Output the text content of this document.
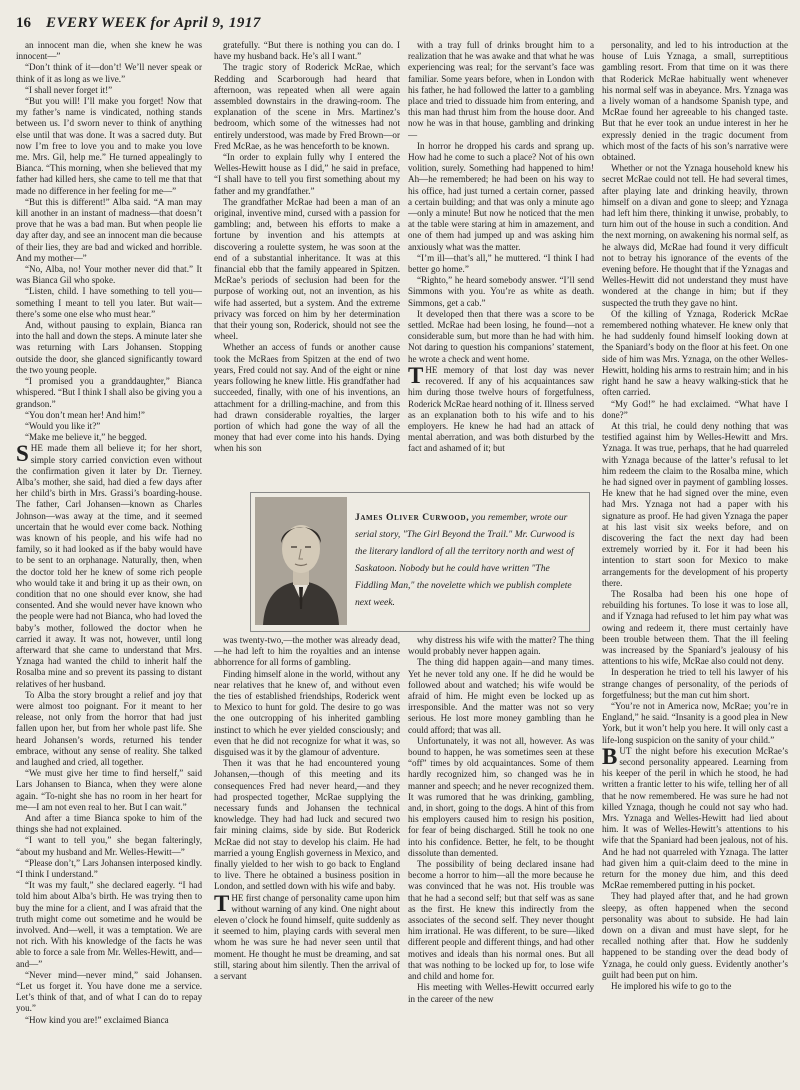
16	EVERY WEEK for April 9, 1917

an innocent man die, when she knew he was innocent—”

“Don’t think of it—don’t! We’ll never speak or think of it as long as we live.”

“I shall never forget it!”

“But you will! I’ll make you forget! Now that my father’s name is vindicated, nothing stands between us. I’d sworn never to think of anything else until that was done. It was a sacred duty. But now I’m free to love you and to make you love me. Mrs. Gil, help me.” He turned appealingly to Bianca. “This morning, when she believed that my father had killed hers, she came to tell me that that made no difference in her feeling for me—”

“But this is different!” Alba said. “A man may kill another in an instant of madness—that doesn’t prove that he was a bad man. But when people lie day after day, and see an innocent man die because of their lies, they are bad and wicked and horrible. And my mother—”

“No, Alba, no! Your mother never did that.” It was Bianca Gil who spoke.

“Listen, child. I have something to tell you—something I meant to tell you later. But wait—there’s some one else who must hear.”

And, without pausing to explain, Bianca ran into the hall and down the steps. A minute later she was returning with Lars Johansen. Stopping outside the door, she glanced significantly toward the two young people.

“I promised you a granddaughter,” Bianca whispered. “But I think I shall also be giving you a grandson.”

“You don’t mean her! And him!”

“Would you like it?”

“Make me believe it,” he begged.

SHE made them all believe it; for her short, simple story carried conviction even without the confirmation given it later by Dr. Tierney. Alba’s mother, she said, had died a few days after her child’s birth in Mrs. Grassi’s boarding-house. The father, Carl Johansen—known as Charles Johnson—was away at the time, and it seemed uncertain that he would ever come back. Nothing was known of his people, and his wife had no family, so it had looked as if the baby would have to be sent to an orphanage. Naturally, then, when the doctor told her he knew of some rich people who would take it and bring it up as their own, on condition that no one should ever know, she had consented. And she would never have known who the people were had not Bianca, who had loved the baby’s mother, followed the doctor when he carried it away. It was not, however, until long afterward that she came to understand that Mrs. Yznaga had wanted the child to inherit half the Rosalba mine and so prevent its passing to distant relatives of her husband.

To Alba the story brought a relief and joy that were almost too poignant. For it meant to her release, not only from the horror that had just fallen upon her, but from her whole past life. She heard Johansen’s words, returned his tender embrace, without any sense of reality. She talked and laughed and cried, all together.

“We must give her time to find herself,” said Lars Johansen to Bianca, when they were alone again. “To-night she has no room in her heart for me—I am not even real to her. But I can wait.”

And after a time Bianca spoke to him of the things she had not explained.

“I want to tell you,” she began falteringly, “about my husband and Mr. Welles-Hewitt—”

“Please don’t,” Lars Johansen interposed kindly. “I think I understand.”

“It was my fault,” she declared eagerly. “I had told him about Alba’s birth. He was trying then to buy the mine for a client, and I was afraid that the truth might come out sometime and he would be involved. And—well, it was a temptation. We are not rich. With his knowledge of the facts he was able to force a sale from Mr. Welles-Hewitt, and—and—”

“Never mind—never mind,” said Johansen. “Let us forget it. You have done me a service. Let’s think of that, and of what I can do to repay you.”

“How kind you are!” exclaimed Bianca

gratefully. “But there is nothing you can do. I have my husband back. He’s all I want.”

The tragic story of Roderick McRae, which Redding and Scarborough had heard that afternoon, was repeated when all were again assembled downstairs in the drawing-room. The explanation of the scene in Mrs. Martinez’s bedroom, which some of the witnesses had not entirely understood, was made by Fred Brown—or Fred McRae, as he was henceforth to be known.

“In order to explain fully why I entered the Welles-Hewitt house as I did,” he said in preface, “I shall have to tell you first something about my father and my grandfather.”

The grandfather McRae had been a man of an original, inventive mind, cursed with a passion for gambling; and, between his efforts to make a fortune by invention and his attempts at discovering a roulette system, he was soon at the end of a substantial inheritance. It was at this financial ebb that the family appeared in Spitzen. McRae’s periods of seclusion had been for the purpose of working out, not an invention, as his wife had asserted, but a system. And the extreme privacy was forced on him by her determination that their young son, Roderick, should not see the wheel.

Whether an access of funds or another cause took the McRaes from Spitzen at the end of two years, Fred could not say. And of the eight or nine years following he knew little. His grandfather had succeeded, finally, with one of his inventions, an attachment for a drilling-machine, and from this had drawn considerable royalties, the larger portion of which had gone the way of all the money that had ever come into his hands. Dying when his son

with a tray full of drinks brought him to a realization that he was awake and that what he was experiencing was real; for the servant’s face was familiar. Some years before, when in London with his father, he had followed the latter to a gambling place and tried to dissuade him from entering, and this man had thrust him from the house door. And now he was in that house, gambling and drinking—

In horror he dropped his cards and sprang up. How had he come to such a place? Not of his own volition, surely. Something had happened to him! Ah—he remembered; he had been on his way to his office, had just turned a certain corner, passed a certain building; and that was only a minute ago—only a minute! But now he noticed that the men at the table were staring at him in amazement, and one of them had jumped up and was asking him anxiously what was the matter.

“I’m ill—that’s all,” he muttered. “I think I had better go home.”

“Righto,” he heard somebody answer. “I’ll send Simmons with you. You’re as white as death. Simmons, get a cab.”

It developed then that there was a score to be settled. McRae had been losing, he found—not a considerable sum, but more than he had with him. Not daring to question his companions’ statement, he wrote a check and went home.

THE memory of that lost day was never recovered. If any of his acquaintances saw him during those twelve hours of forgetfulness, Roderick McRae heard nothing of it. Illness served as an explanation both to his wife and to his employers. He knew he had had an attack of mental aberration, and was both disturbed by the fact and ashamed of it; but

personality, and led to his introduction at the house of Luis Yznaga, a small, surreptitious gambling resort. From that time on it was there that Roderick McRae habitually went whenever his normal self was in abeyance. Mrs. Yznaga was a lively woman of a handsome Spanish type, and McRae found her agreeable to his changed taste. But that he ever took an undue interest in her he expressly denied in the tragic document from which most of the facts of his son’s narrative were obtained.

Whether or not the Yznaga household knew his secret McRae could not tell. He had several times, after playing late and drinking heavily, thrown himself on a divan and gone to sleep; and Yznaga had left him there, thinking it unwise, probably, to turn him out of the house in such a condition. And the next morning, on awakening his normal self, as he always did, McRae had found it very difficult not to betray his ignorance of the events of the evening before. He thought that if the Yznagas and Welles-Hewitt did not understand they must have wondered at the change in him; but if they suspected the truth they gave no hint.

Of the killing of Yznaga, Roderick McRae remembered nothing whatever. He knew only that he had suddenly found himself looking down at the Spaniard’s body on the floor at his feet. On one side of him was Mrs. Yznaga, on the other Welles-Hewitt, holding his arms to restrain him; and in his right hand he saw a heavy walking-stick that he often carried.

“My God!” he had exclaimed. “What have I done?”

At this trial, he could deny nothing that was testified against him by Welles-Hewitt and Mrs. Yznaga. It was true, perhaps, that he had quarreled with Yznaga because of the latter’s refusal to let him redeem the claim to the Rosalba mine, which he had signed over in payment of gambling losses. He knew that he had signed over the mine, even had Mrs. Yznaga not had a paper with his signature as proof. He had given Yznaga the paper at his last visit six weeks before, and on discovering the fact the next day had been extremely worried by it. For it had been his intention to start soon for Mexico to make arrangements for the development of his property there.

The Rosalba had been his one hope of rebuilding his fortunes. To lose it was to lose all, and if Yznaga had refused to let him pay what was owing and redeem it, there must certainly have been trouble between them. That the ill feeling was increased by the Spaniard’s jealousy of his attentions to his wife, McRae also could not deny.

In desperation he tried to tell his lawyer of his strange changes of personality, of the periods of forgetfulness; but the man cut him short.

“You’re not in America now, McRae; you’re in England,” he said. “Insanity is a good plea in New York, but it won’t help you here. It will only cast a life-long suspicion on the sanity of your child.”

BUT the night before his execution McRae’s second personality appeared. Learning from his keeper of the peril in which he stood, he had written a frantic letter to his wife, telling her of all that he now remembered. He was sure he had not killed Yznaga, though he could not say who had. Mrs. Yznaga and Welles-Hewitt had lied about him. It was of Welles-Hewitt’s attentions to his wife that the Spaniard had been jealous, not of his. And he had not quarreled with Yznaga. The latter had given him a quit-claim deed to the mine in return for the money due him, and this deed McRae remembered putting in his pocket.

They had played after that, and he had grown sleepy, as often happened when the second personality was about to subside. He had lain down on a divan and must have slept, for he recalled nothing after that. How he suddenly happened to be standing over the dead body of Yznaga, he could only guess. Evidently another’s guilt had been put on him.

He implored his wife to go to the

was twenty-two,—the mother was already dead,—he had left to him the royalties and an intense abhorrence for all forms of gambling.

Finding himself alone in the world, without any near relatives that he knew of, and without even the ties of established friendships, Roderick went to Mexico to hunt for gold. The desire to go was the one outcropping of his inherited gambling instinct to which he ever yielded consciously; and even that he did not recognize for what it was, so disguised was it by the glamour of adventure.

Then it was that he had encountered young Johansen,—though of this meeting and its consequences Fred had never heard,—and they had prospected together, McRae supplying the necessary funds and Johansen the technical knowledge. They had had luck and secured two fair mining claims, side by side. But Roderick McRae did not stay to develop his claim. He had married a young English governess in Mexico, and finally yielded to her wish to go back to England to live. There he obtained a business position in London, and settled down with his wife and baby.

THE first change of personality came upon him without warning of any kind. One night about eleven o’clock he found himself, quite suddenly as it seemed to him, playing cards with several men whom he was sure he had never seen until that moment. He thought he must be dreaming, and sat still, staring about him silently. Then the arrival of a servant

why distress his wife with the matter? The thing would probably never happen again.

The thing did happen again—and many times. Yet he never told any one. If he did he would be followed about and watched; his wife would be afraid of him. He might even be locked up as irresponsible. And the matter was not so very serious. He lost more money gambling than he could afford; that was all.

Unfortunately, it was not all, however. As was bound to happen, he was sometimes seen at these “off” times by old acquaintances. Some of them hardly recognized him, so changed was he in manner and speech; and he never recognized them. It was rumored that he was drinking, gambling, and, in short, going to the dogs. A hint of this from his employers caused him to resign his position, for fear of being discharged. Still he took no one into his confidence. Better, he felt, to be thought dissolute than demented.

The possibility of being declared insane had become a horror to him—all the more because he was convinced that he was not. His trouble was that he had a second self; but that self was as sane as the first. He knew this indirectly from the associates of the second self. They never thought him irrational. He was different, to be sure—liked different people and different things, and had other motives and ideals than his normal ones. But all that was nothing to be locked up for, to lose wife and child and home for.

His meeting with Welles-Hewitt occurred early in the career of the new

James Oliver Curwood, you remember, wrote our serial story, "The Girl Beyond the Trail." Mr. Curwood is the literary landlord of all the territory north and west of Saskatoon. Nobody but he could have written "The Fiddling Man," the novelette which we publish complete next week.
